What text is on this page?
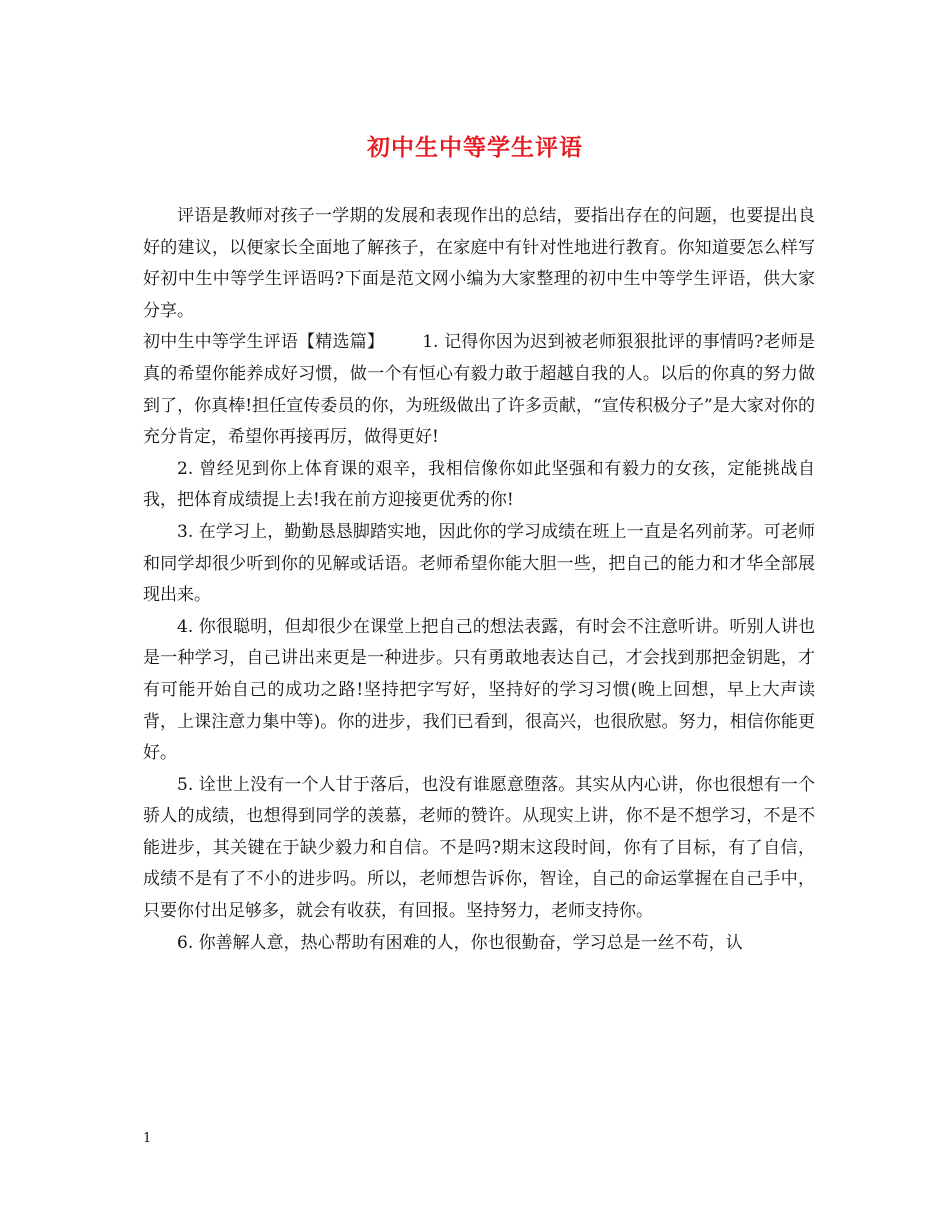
初中生中等学生评语

评语是教师对孩子一学期的发展和表现作出的总结，要指出存在的问题，也要提出良好的建议，以便家长全面地了解孩子，在家庭中有针对性地进行教育。你知道要怎么样写好初中生中等学生评语吗?下面是范文网小编为大家整理的初中生中等学生评语，供大家分享。

初中生中等学生评语【精选篇】 1. 记得你因为迟到被老师狠狠批评的事情吗?老师是真的希望你能养成好习惯，做一个有恒心有毅力敢于超越自我的人。以后的你真的努力做到了，你真棒!担任宣传委员的你，为班级做出了许多贡献，“宣传积极分子”是大家对你的充分肯定，希望你再接再厉，做得更好!

2. 曾经见到你上体育课的艰辛，我相信像你如此坚强和有毅力的女孩，定能挑战自我，把体育成绩提上去!我在前方迎接更优秀的你!

3. 在学习上，勤勤恳恳脚踏实地，因此你的学习成绩在班上一直是名列前茅。可老师和同学却很少听到你的见解或话语。老师希望你能大胆一些，把自己的能力和才华全部展现出来。

4. 你很聪明，但却很少在课堂上把自己的想法表露，有时会不注意听讲。听别人讲也是一种学习，自己讲出来更是一种进步。只有勇敢地表达自己，才会找到那把金钥匙，才有可能开始自己的成功之路!坚持把字写好，坚持好的学习习惯(晚上回想，早上大声读背，上课注意力集中等)。你的进步，我们已看到，很高兴，也很欣慰。努力，相信你能更好。

5. 诠世上没有一个人甘于落后，也没有谁愿意堕落。其实从内心讲，你也很想有一个骄人的成绩，也想得到同学的羡慕，老师的赞许。从现实上讲，你不是不想学习，不是不能进步，其关键在于缺少毅力和自信。不是吗?期末这段时间，你有了目标，有了自信，成绩不是有了不小的进步吗。所以，老师想告诉你，智诠，自己的命运掌握在自己手中，只要你付出足够多，就会有收获，有回报。坚持努力，老师支持你。

6. 你善解人意，热心帮助有困难的人，你也很勤奋，学习总是一丝不苟，认

1
